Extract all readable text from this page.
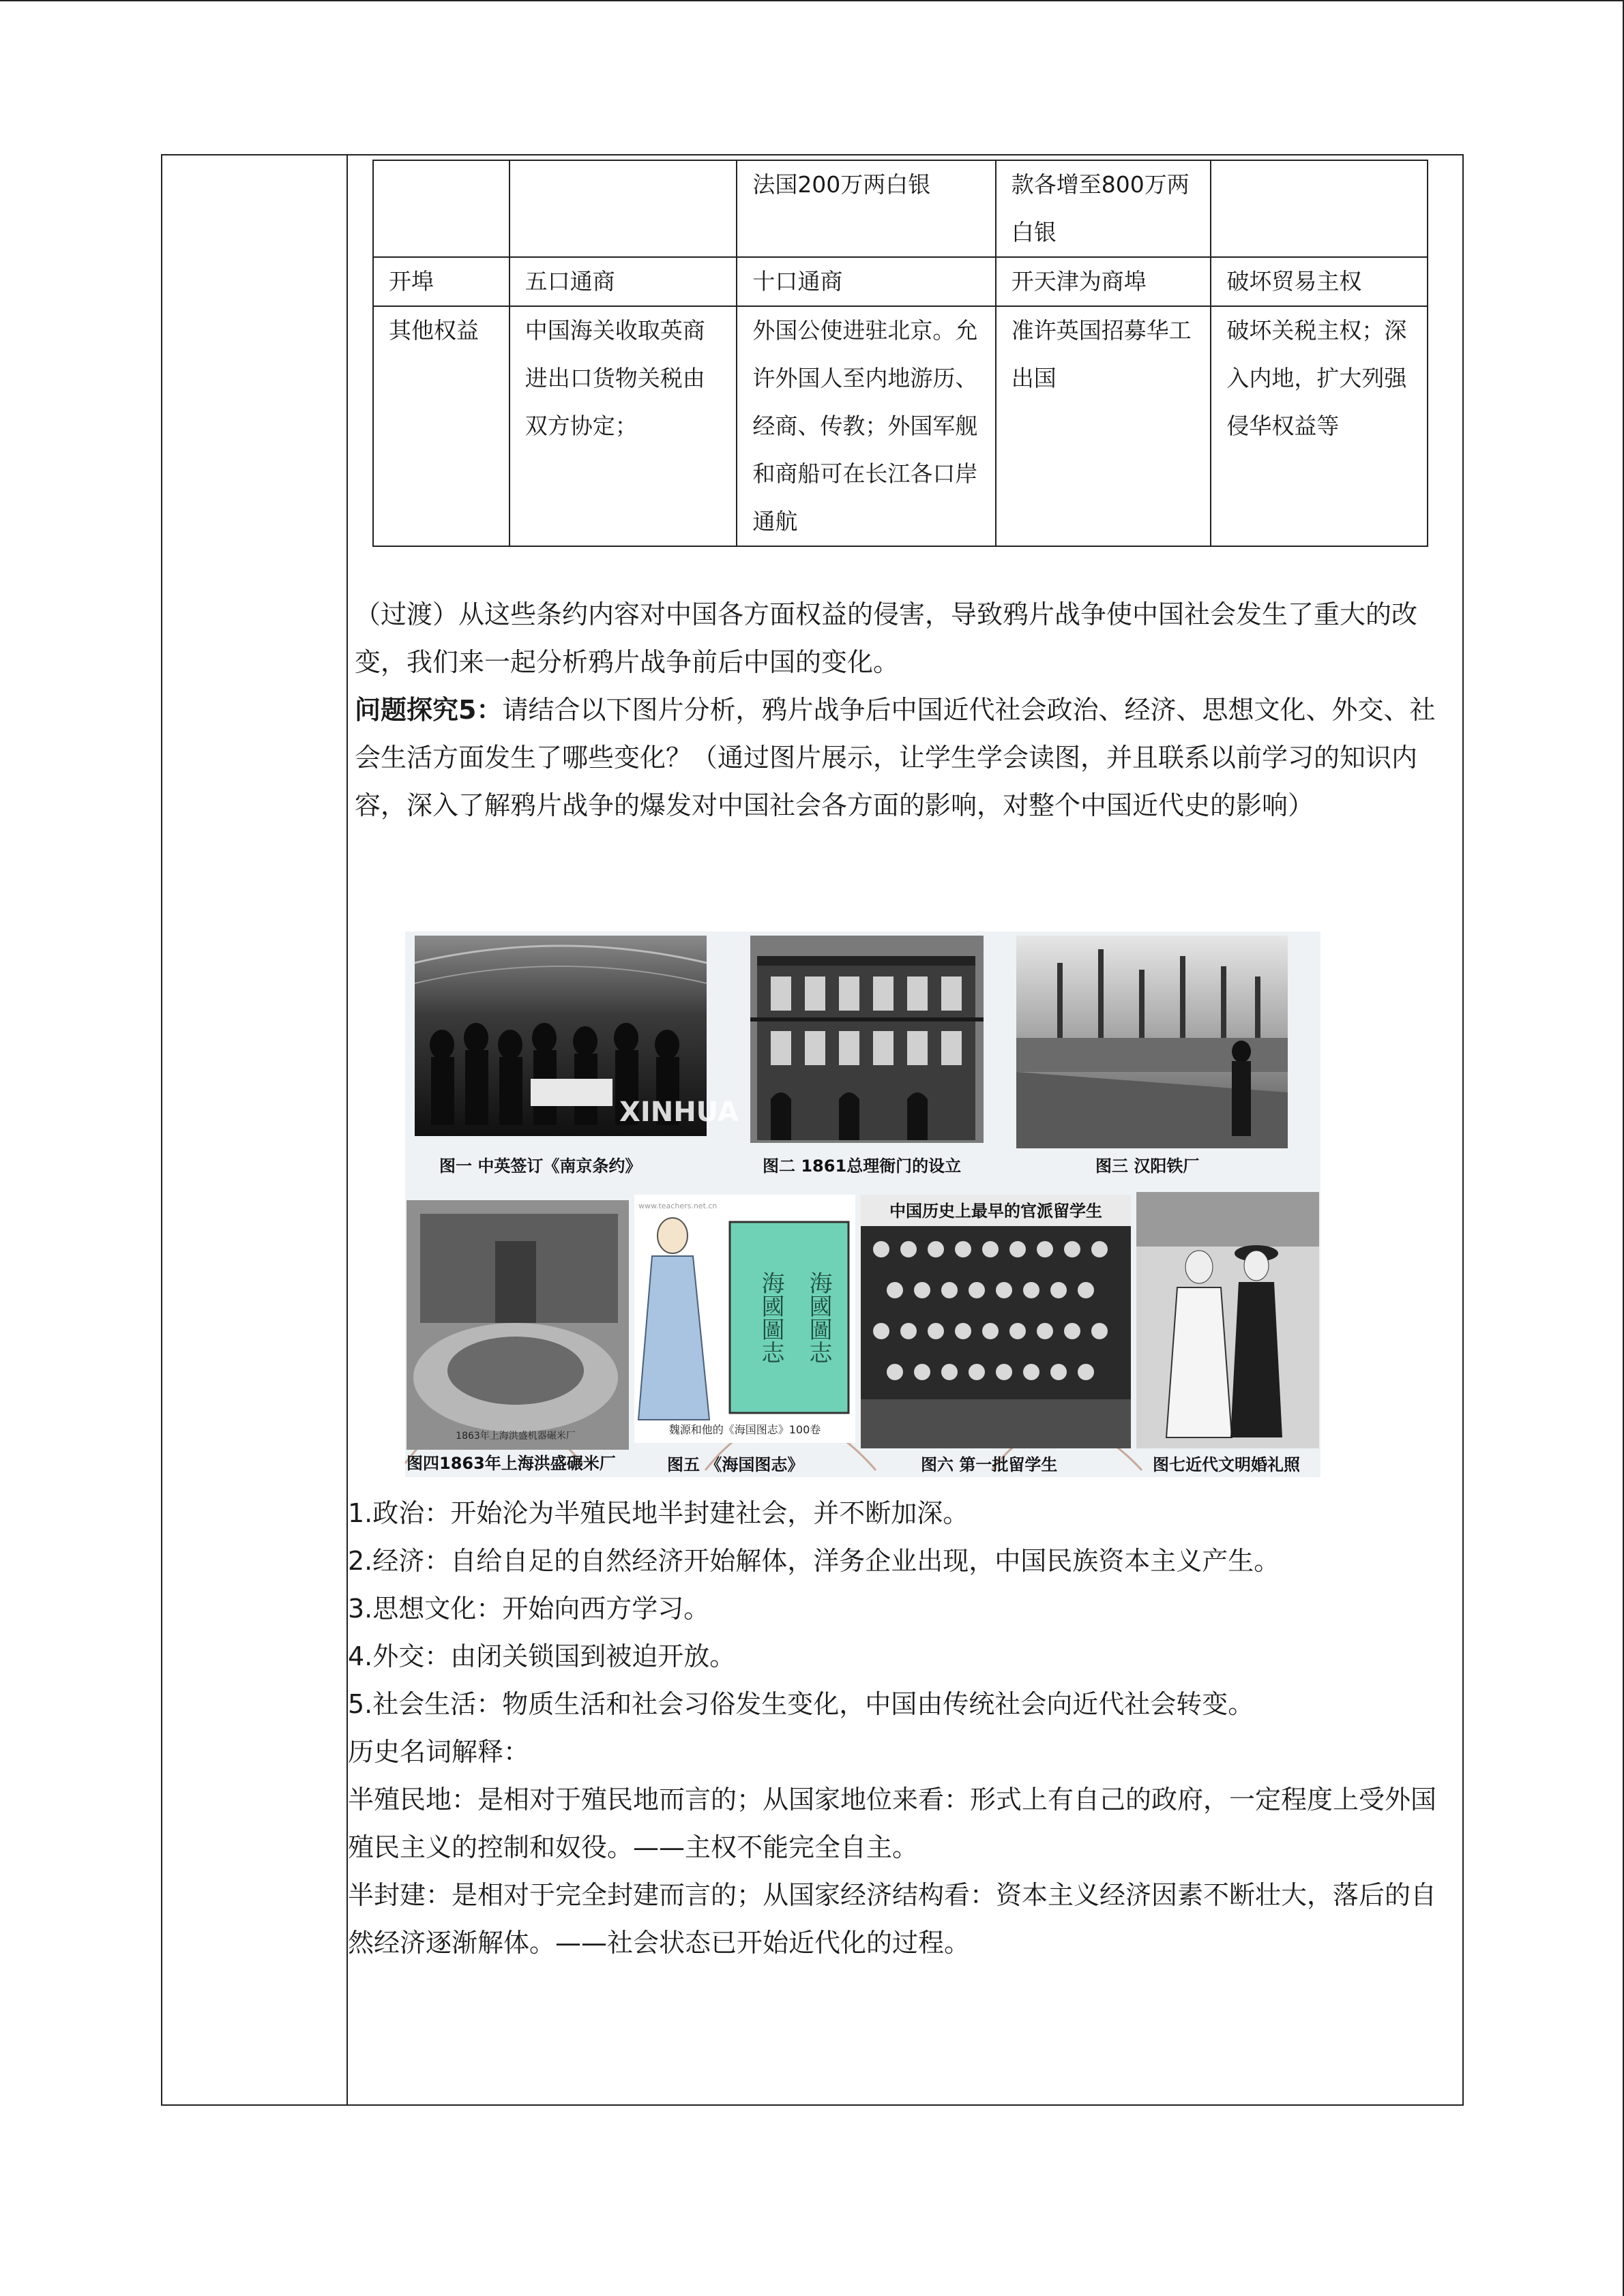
		法国200万两白银	款各增至800万两白银	
开埠	五口通商	十口通商	开天津为商埠	破坏贸易主权
其他权益	中国海关收取英商进出口货物关税由双方协定；	外国公使进驻北京。允许外国人至内地游历、经商、传教；外国军舰和商船可在长江各口岸通航	准许英国招募华工出国	破坏关税主权；深入内地，扩大列强侵华权益等

（过渡）从这些条约内容对中国各方面权益的侵害，导致鸦片战争使中国社会发生了重大的改变，我们来一起分析鸦片战争前后中国的变化。

问题探究5：请结合以下图片分析，鸦片战争后中国近代社会政治、经济、思想文化、外交、社会生活方面发生了哪些变化？（通过图片展示，让学生学会读图，并且联系以前学习的知识内容，深入了解鸦片战争的爆发对中国社会各方面的影响，对整个中国近代史的影响）

XINHUA
图一 中英签订《南京条约》	图二 1861总理衙门的设立	图三 汉阳铁厂
1863年上海洪盛机器碾米厂
图四1863年上海洪盛碾米厂
www.teachers.net.cn
海國圖志 海國圖志
魏源和他的《海国图志》100卷
图五 《海国图志》
中国历史上最早的官派留学生
图六 第一批留学生	图七近代文明婚礼照

1.政治：开始沦为半殖民地半封建社会，并不断加深。

2.经济：自给自足的自然经济开始解体，洋务企业出现，中国民族资本主义产生。

3.思想文化：开始向西方学习。

4.外交：由闭关锁国到被迫开放。

5.社会生活：物质生活和社会习俗发生变化，中国由传统社会向近代社会转变。

历史名词解释：

半殖民地：是相对于殖民地而言的；从国家地位来看：形式上有自己的政府，一定程度上受外国殖民主义的控制和奴役。——主权不能完全自主。

半封建：是相对于完全封建而言的；从国家经济结构看：资本主义经济因素不断壮大，落后的自然经济逐渐解体。——社会状态已开始近代化的过程。
